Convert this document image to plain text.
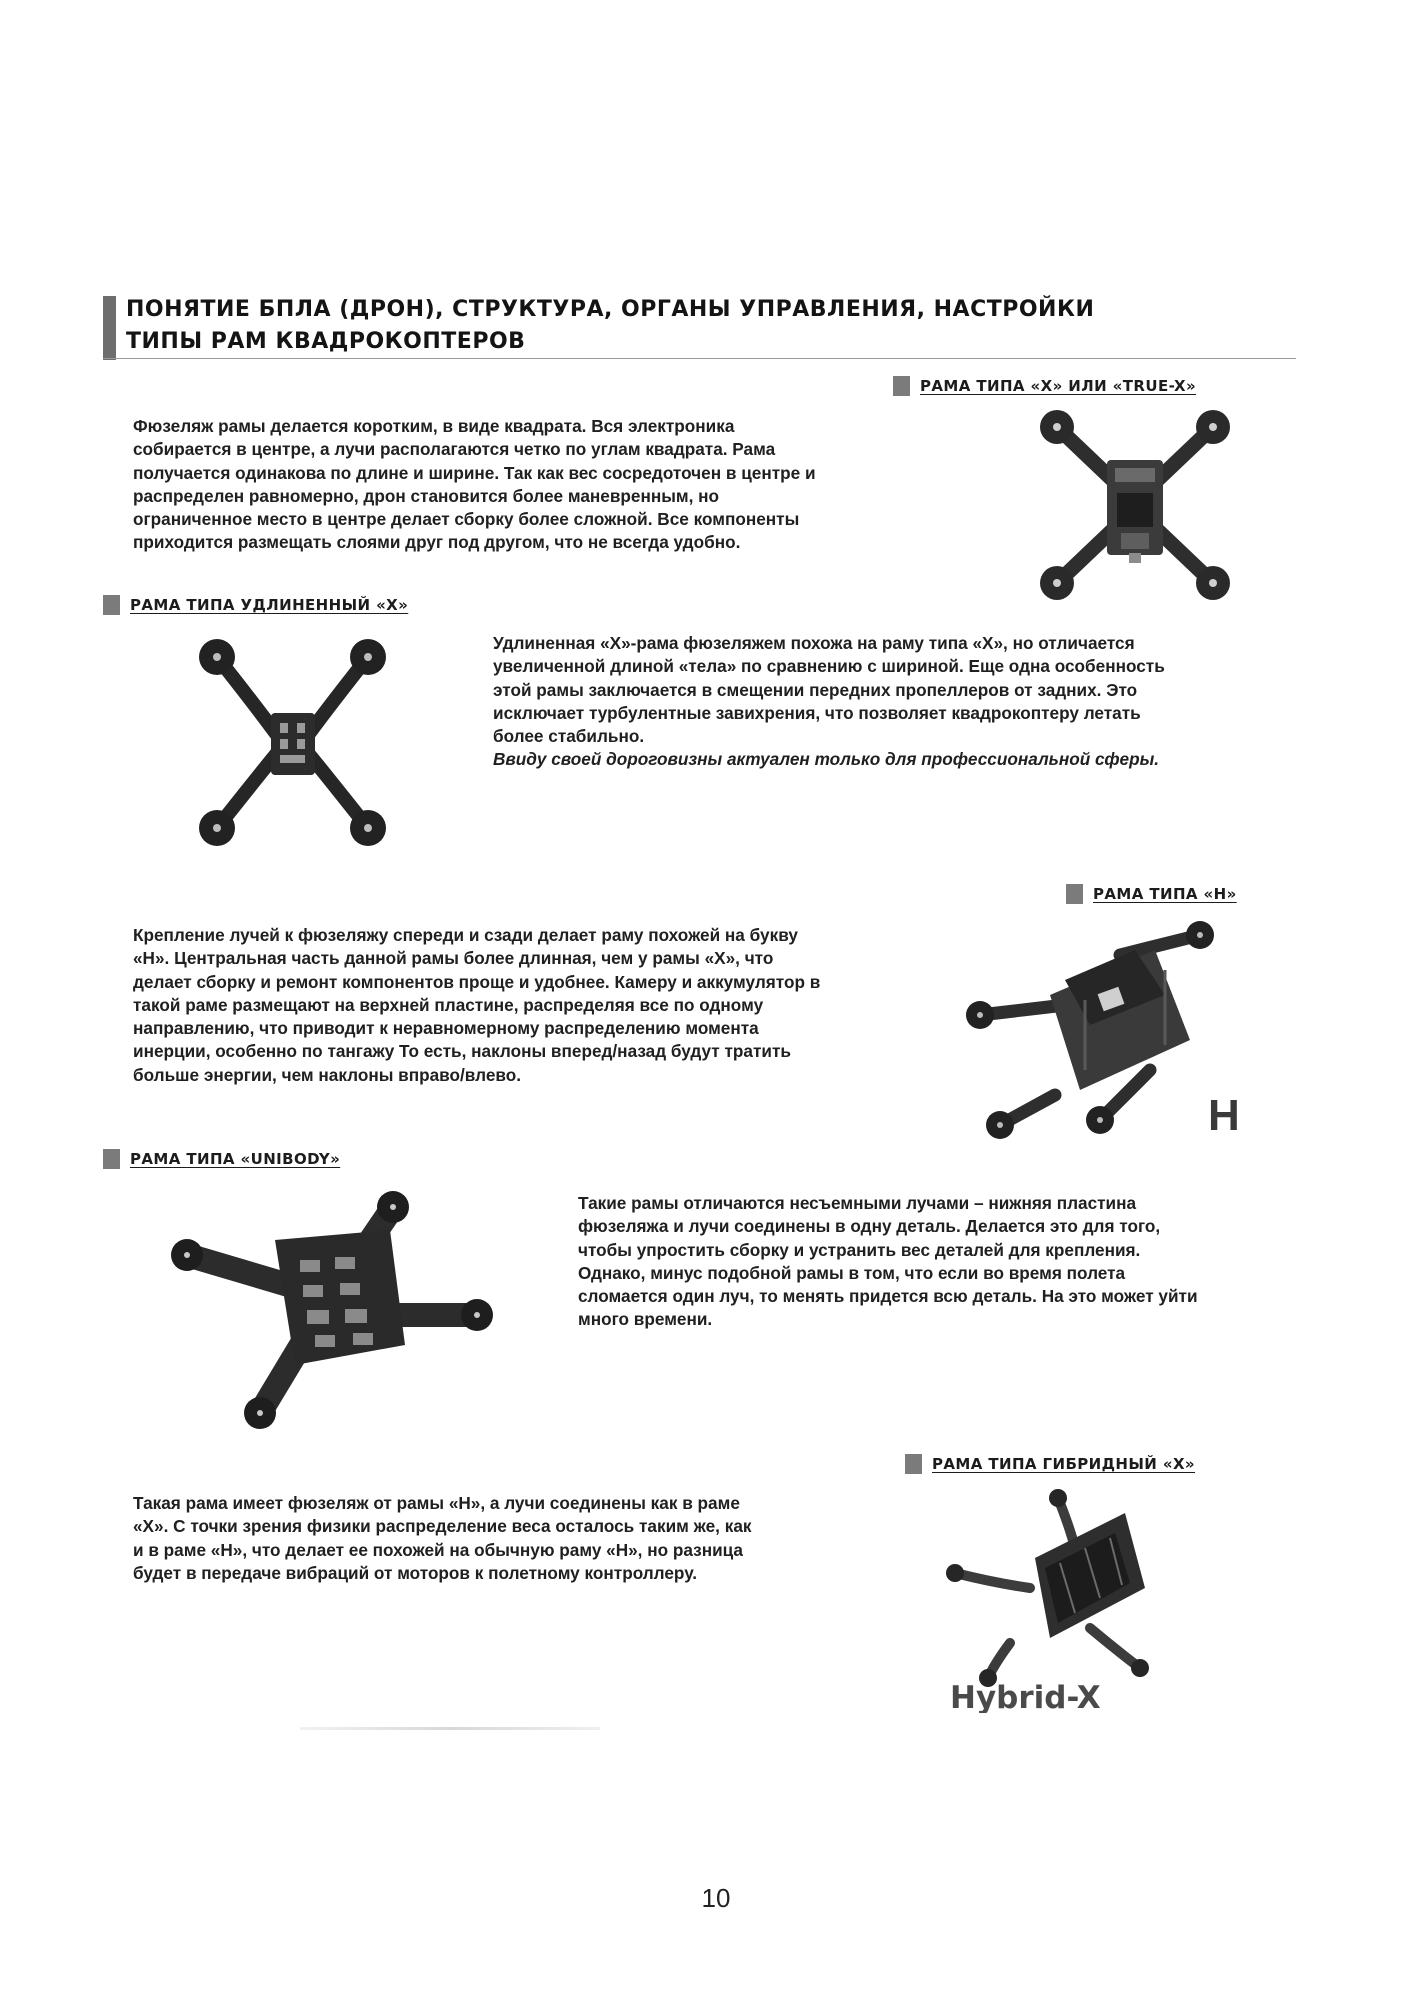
ПОНЯТИЕ БПЛА (ДРОН), СТРУКТУРА, ОРГАНЫ УПРАВЛЕНИЯ, НАСТРОЙКИ
ТИПЫ РАМ КВАДРОКОПТЕРОВ
РАМА ТИПА «X» ИЛИ «TRUE-X»
Фюзеляж рамы делается коротким, в виде квадрата. Вся электроника
собирается в центре, а лучи располагаются четко по углам квадрата. Рама
получается одинакова по длине и ширине. Так как вес сосредоточен в центре и
распределен равномерно, дрон становится более маневренным, но
ограниченное место в центре делает сборку более сложной. Все компоненты
приходится размещать слоями друг под другом, что не всегда удобно.
РАМА ТИПА УДЛИНЕННЫЙ «X»
Удлиненная «Х»-рама фюзеляжем похожа на раму типа «Х», но отличается
увеличенной длиной «тела» по сравнению с шириной. Еще одна особенность
этой рамы заключается в смещении передних пропеллеров от задних. Это
исключает турбулентные завихрения, что позволяет квадрокоптеру летать
более стабильно.
Ввиду своей дороговизны актуален только для профессиональной сферы.
РАМА ТИПА «H»
Крепление лучей к фюзеляжу спереди и сзади делает раму похожей на букву
«Н». Центральная часть данной рамы более длинная, чем у рамы «Х», что
делает сборку и ремонт компонентов проще и удобнее. Камеру и аккумулятор в
такой раме размещают на верхней пластине, распределяя все по одному
направлению, что приводит к неравномерному распределению момента
инерции, особенно по тангажу То есть, наклоны вперед/назад будут тратить
больше энергии, чем наклоны вправо/влево.
H
РАМА ТИПА «UNIBODY»
Такие рамы отличаются несъемными лучами – нижняя пластина
фюзеляжа и лучи соединены в одну деталь. Делается это для того,
чтобы упростить сборку и устранить вес деталей для крепления.
Однако, минус подобной рамы в том, что если во время полета
сломается один луч, то менять придется всю деталь. На это может уйти
много времени.
РАМА ТИПА ГИБРИДНЫЙ «X»
Такая рама имеет фюзеляж от рамы «Н», а лучи соединены как в раме
«Х». С точки зрения физики распределение веса осталось таким же, как
и в раме «Н», что делает ее похожей на обычную раму «Н», но разница
будет в передаче вибраций от моторов к полетному контроллеру.
Hybrid-X
10
